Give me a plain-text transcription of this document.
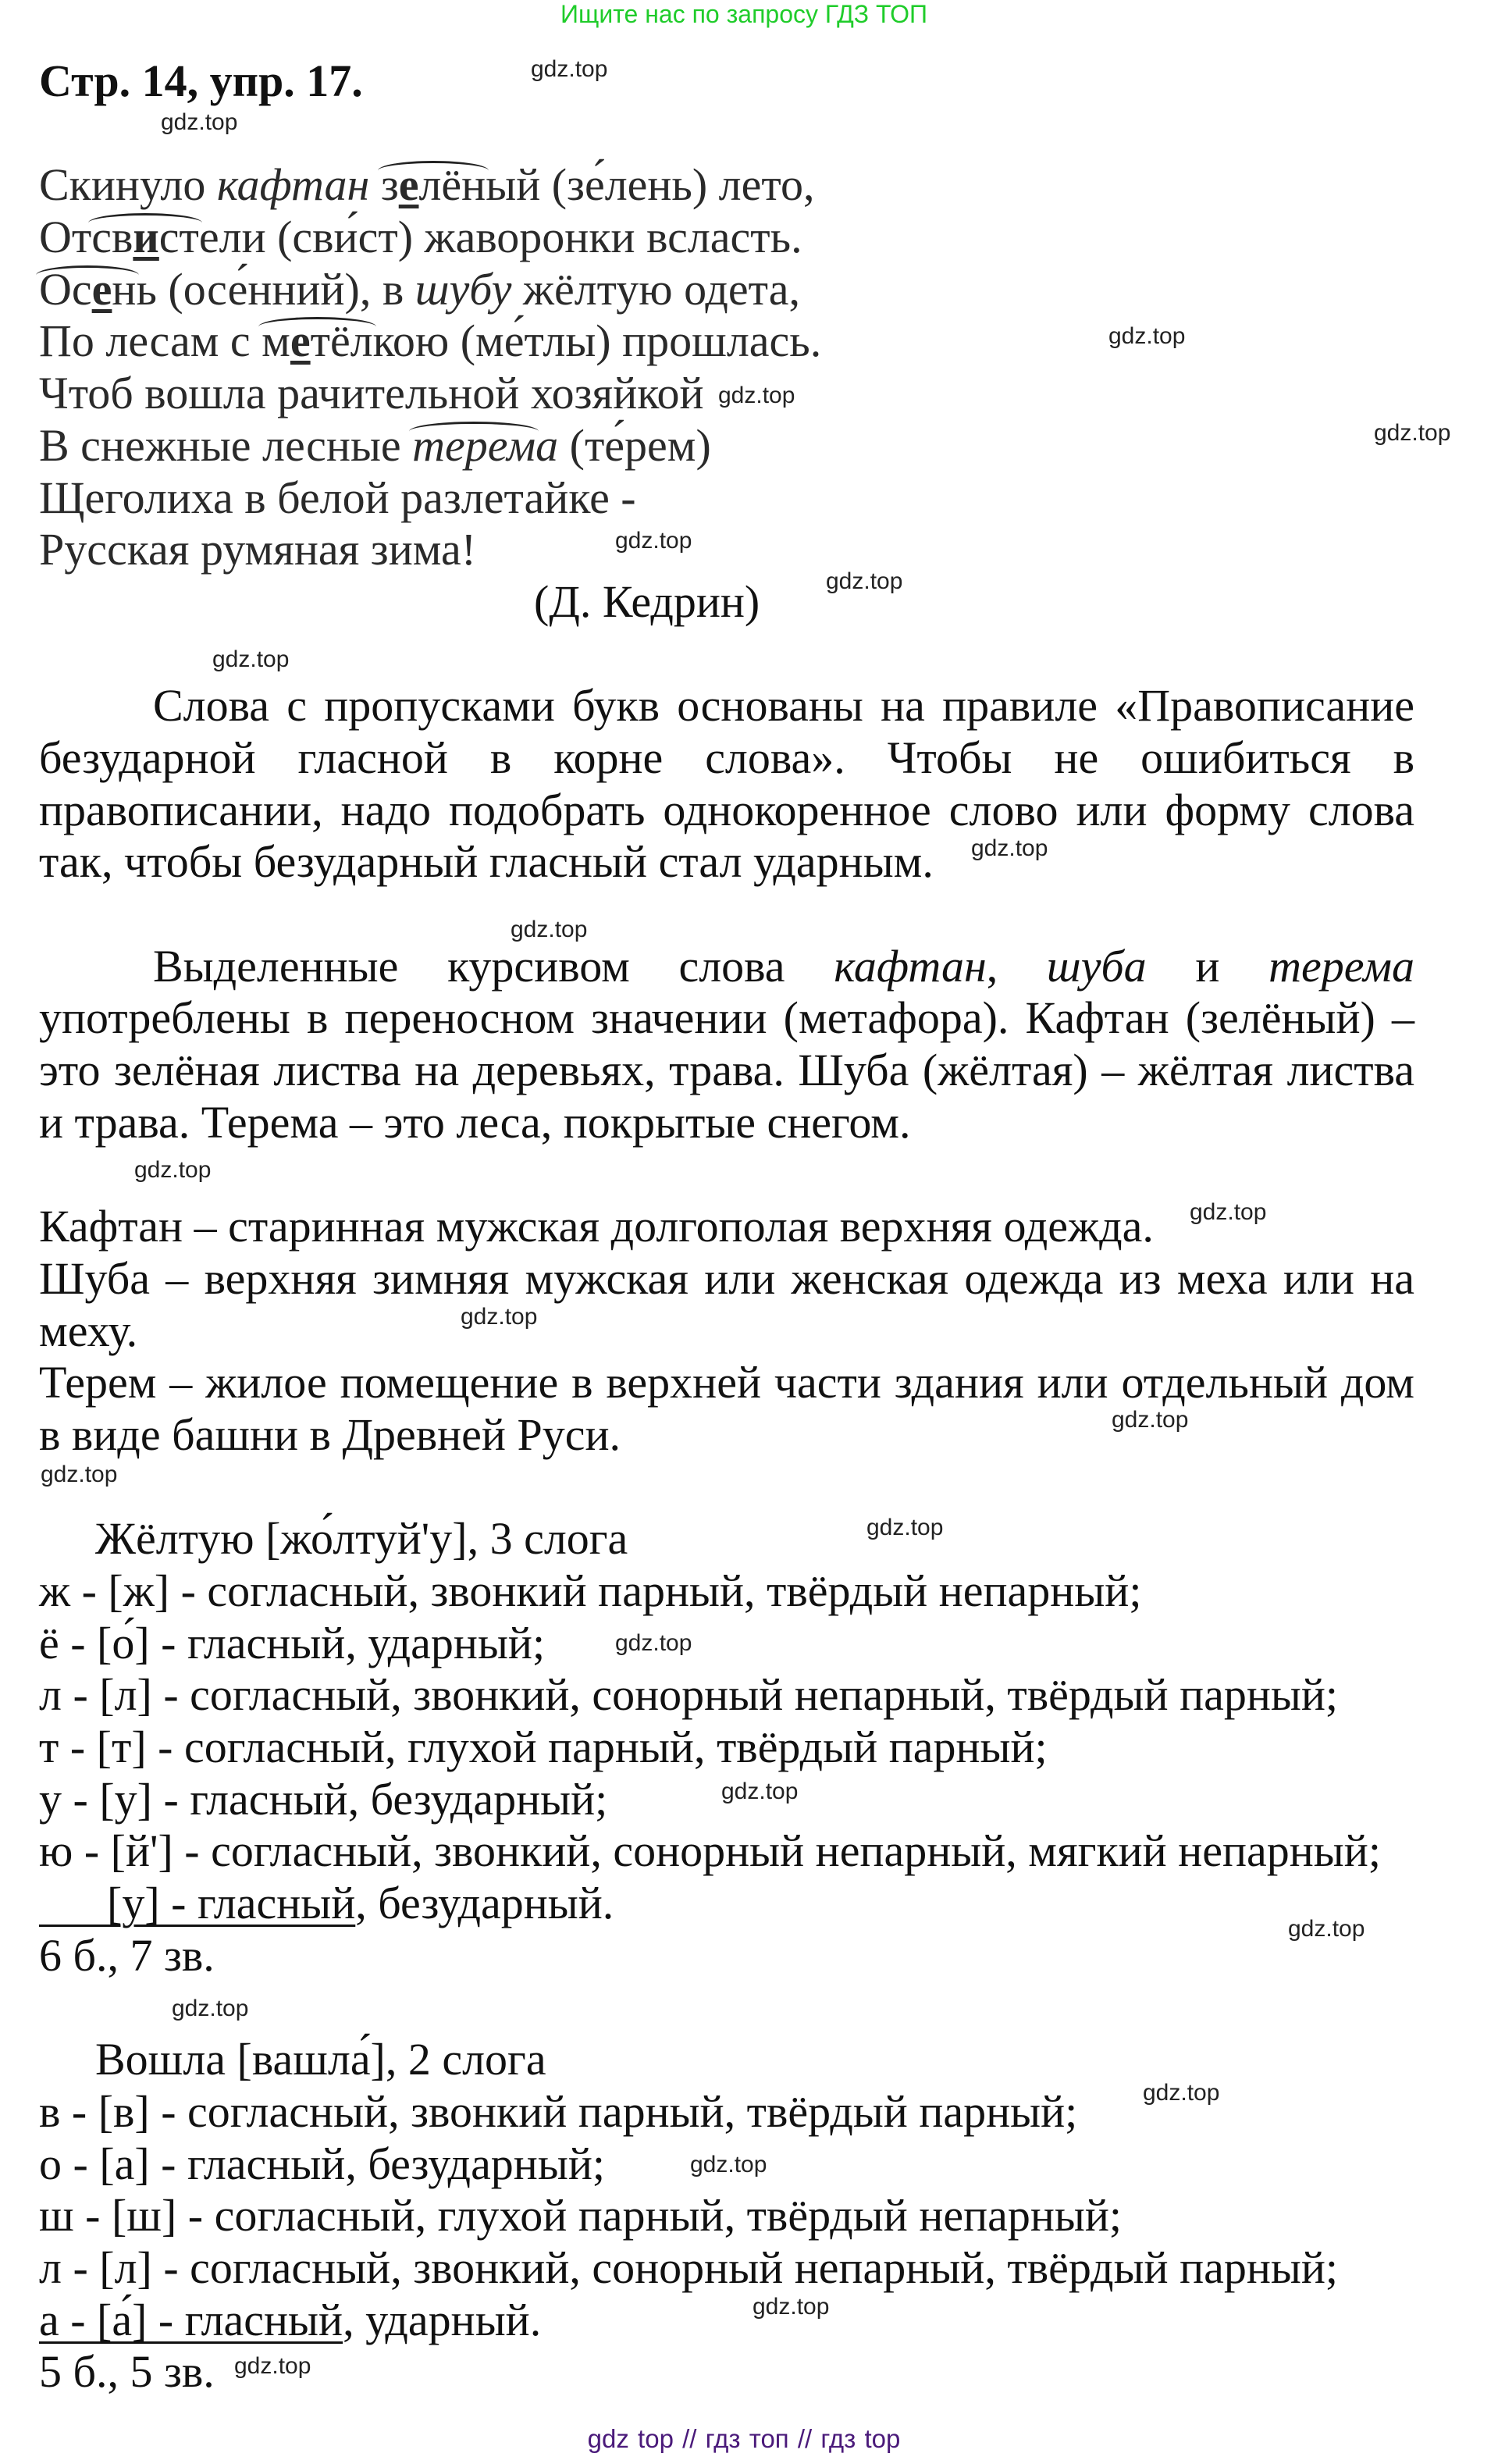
Ищите нас по запросу ГДЗ ТОП
Стр. 14, упр. 17.
Скинуло кафтан зелёный (зе́лень) лето,
Отсвистели (сви́ст) жаворонки всласть.
Осень (осе́нний), в шубу жёлтую одета,
По лесам с метёлкою (ме́тлы) прошлась.
Чтоб вошла рачительной хозяйкой
В снежные лесные терема (те́рем)
Щеголиха в белой разлетайке -
Русская румяная зима!
(Д. Кедрин)
Слова с пропусками букв основаны на правиле «Правописание
безударной гласной в корне слова». Чтобы не ошибиться в
правописании, надо подобрать однокоренное слово или форму слова
так, чтобы безударный гласный стал ударным.
Выделенные курсивом слова кафтан, шуба и терема
употреблены в переносном значении (метафора). Кафтан (зелёный) –
это зелёная листва на деревьях, трава. Шуба (жёлтая) – жёлтая листва
и трава. Терема – это леса, покрытые снегом.
Кафтан – старинная мужская долгополая верхняя одежда.
Шуба – верхняя зимняя мужская или женская одежда из меха или на
меху.
Терем – жилое помещение в верхней части здания или отдельный дом
в виде башни в Древней Руси.
Жёлтую [жо́лтуй'у], 3 слога
ж - [ж] - согласный, звонкий парный, твёрдый непарный;
ё - [о́] - гласный, ударный;
л - [л] - согласный, звонкий, сонорный непарный, твёрдый парный;
т - [т] - согласный, глухой парный, твёрдый парный;
у - [у] - гласный, безударный;
ю - [й'] - согласный, звонкий, сонорный непарный, мягкий непарный;
[у] - гласный, безударный.
6 б., 7 зв.
Вошла [вашла́], 2 слога
в - [в] - согласный, звонкий парный, твёрдый парный;
о - [а] - гласный, безударный;
ш - [ш] - согласный, глухой парный, твёрдый непарный;
л - [л] - согласный, звонкий, сонорный непарный, твёрдый парный;
а - [а́] - гласный, ударный.
5 б., 5 зв.
gdz.top
gdz.top
gdz.top
gdz.top
gdz.top
gdz.top
gdz.top
gdz.top
gdz.top
gdz.top
gdz.top
gdz.top
gdz.top
gdz.top
gdz.top
gdz.top
gdz.top
gdz.top
gdz.top
gdz.top
gdz.top
gdz.top
gdz.top
gdz.top
gdz top // гдз топ // гдз top
